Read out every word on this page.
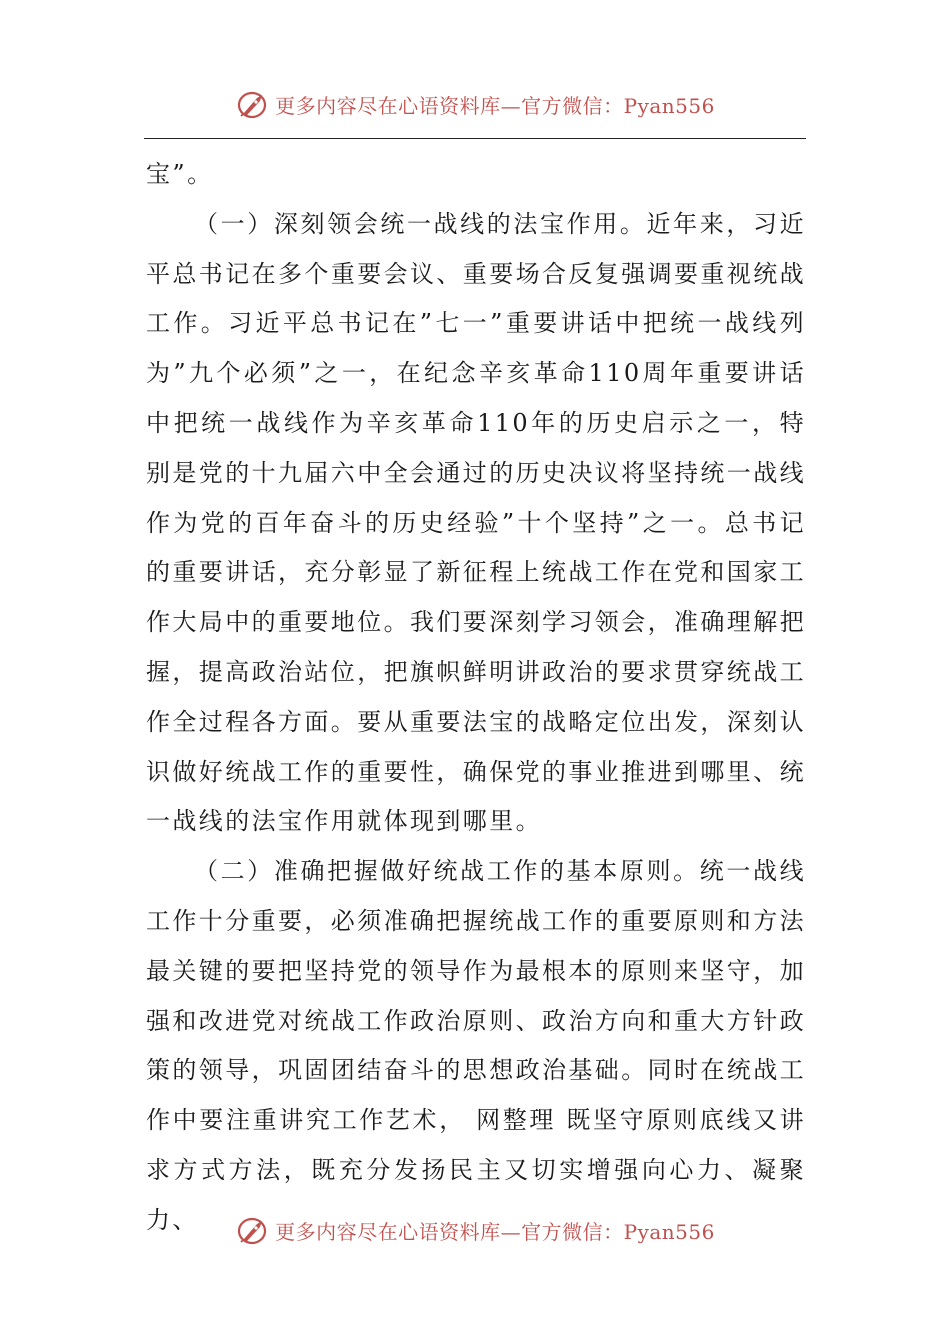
更多内容尽在心语资料库—官方微信：Pyan556

宝”。

（一）深刻领会统一战线的法宝作用。近年来，习近平总书记在多个重要会议、重要场合反复强调要重视统战工作。习近平总书记在”七一”重要讲话中把统一战线列为”九个必须”之一，在纪念辛亥革命110周年重要讲话中把统一战线作为辛亥革命110年的历史启示之一，特别是党的十九届六中全会通过的历史决议将坚持统一战线作为党的百年奋斗的历史经验”十个坚持”之一。总书记的重要讲话，充分彰显了新征程上统战工作在党和国家工作大局中的重要地位。我们要深刻学习领会，准确理解把握，提高政治站位，把旗帜鲜明讲政治的要求贯穿统战工作全过程各方面。要从重要法宝的战略定位出发，深刻认识做好统战工作的重要性，确保党的事业推进到哪里、统一战线的法宝作用就体现到哪里。

（二）准确把握做好统战工作的基本原则。统一战线工作十分重要，必须准确把握统战工作的重要原则和方法最关键的要把坚持党的领导作为最根本的原则来坚守，加强和改进党对统战工作政治原则、政治方向和重大方针政策的领导，巩固团结奋斗的思想政治基础。同时在统战工作中要注重讲究工作艺术， 网整理 既坚守原则底线又讲求方式方法，既充分发扬民主又切实增强向心力、凝聚力、	更多内容尽在心语资料库—官方微信：Pyan556
